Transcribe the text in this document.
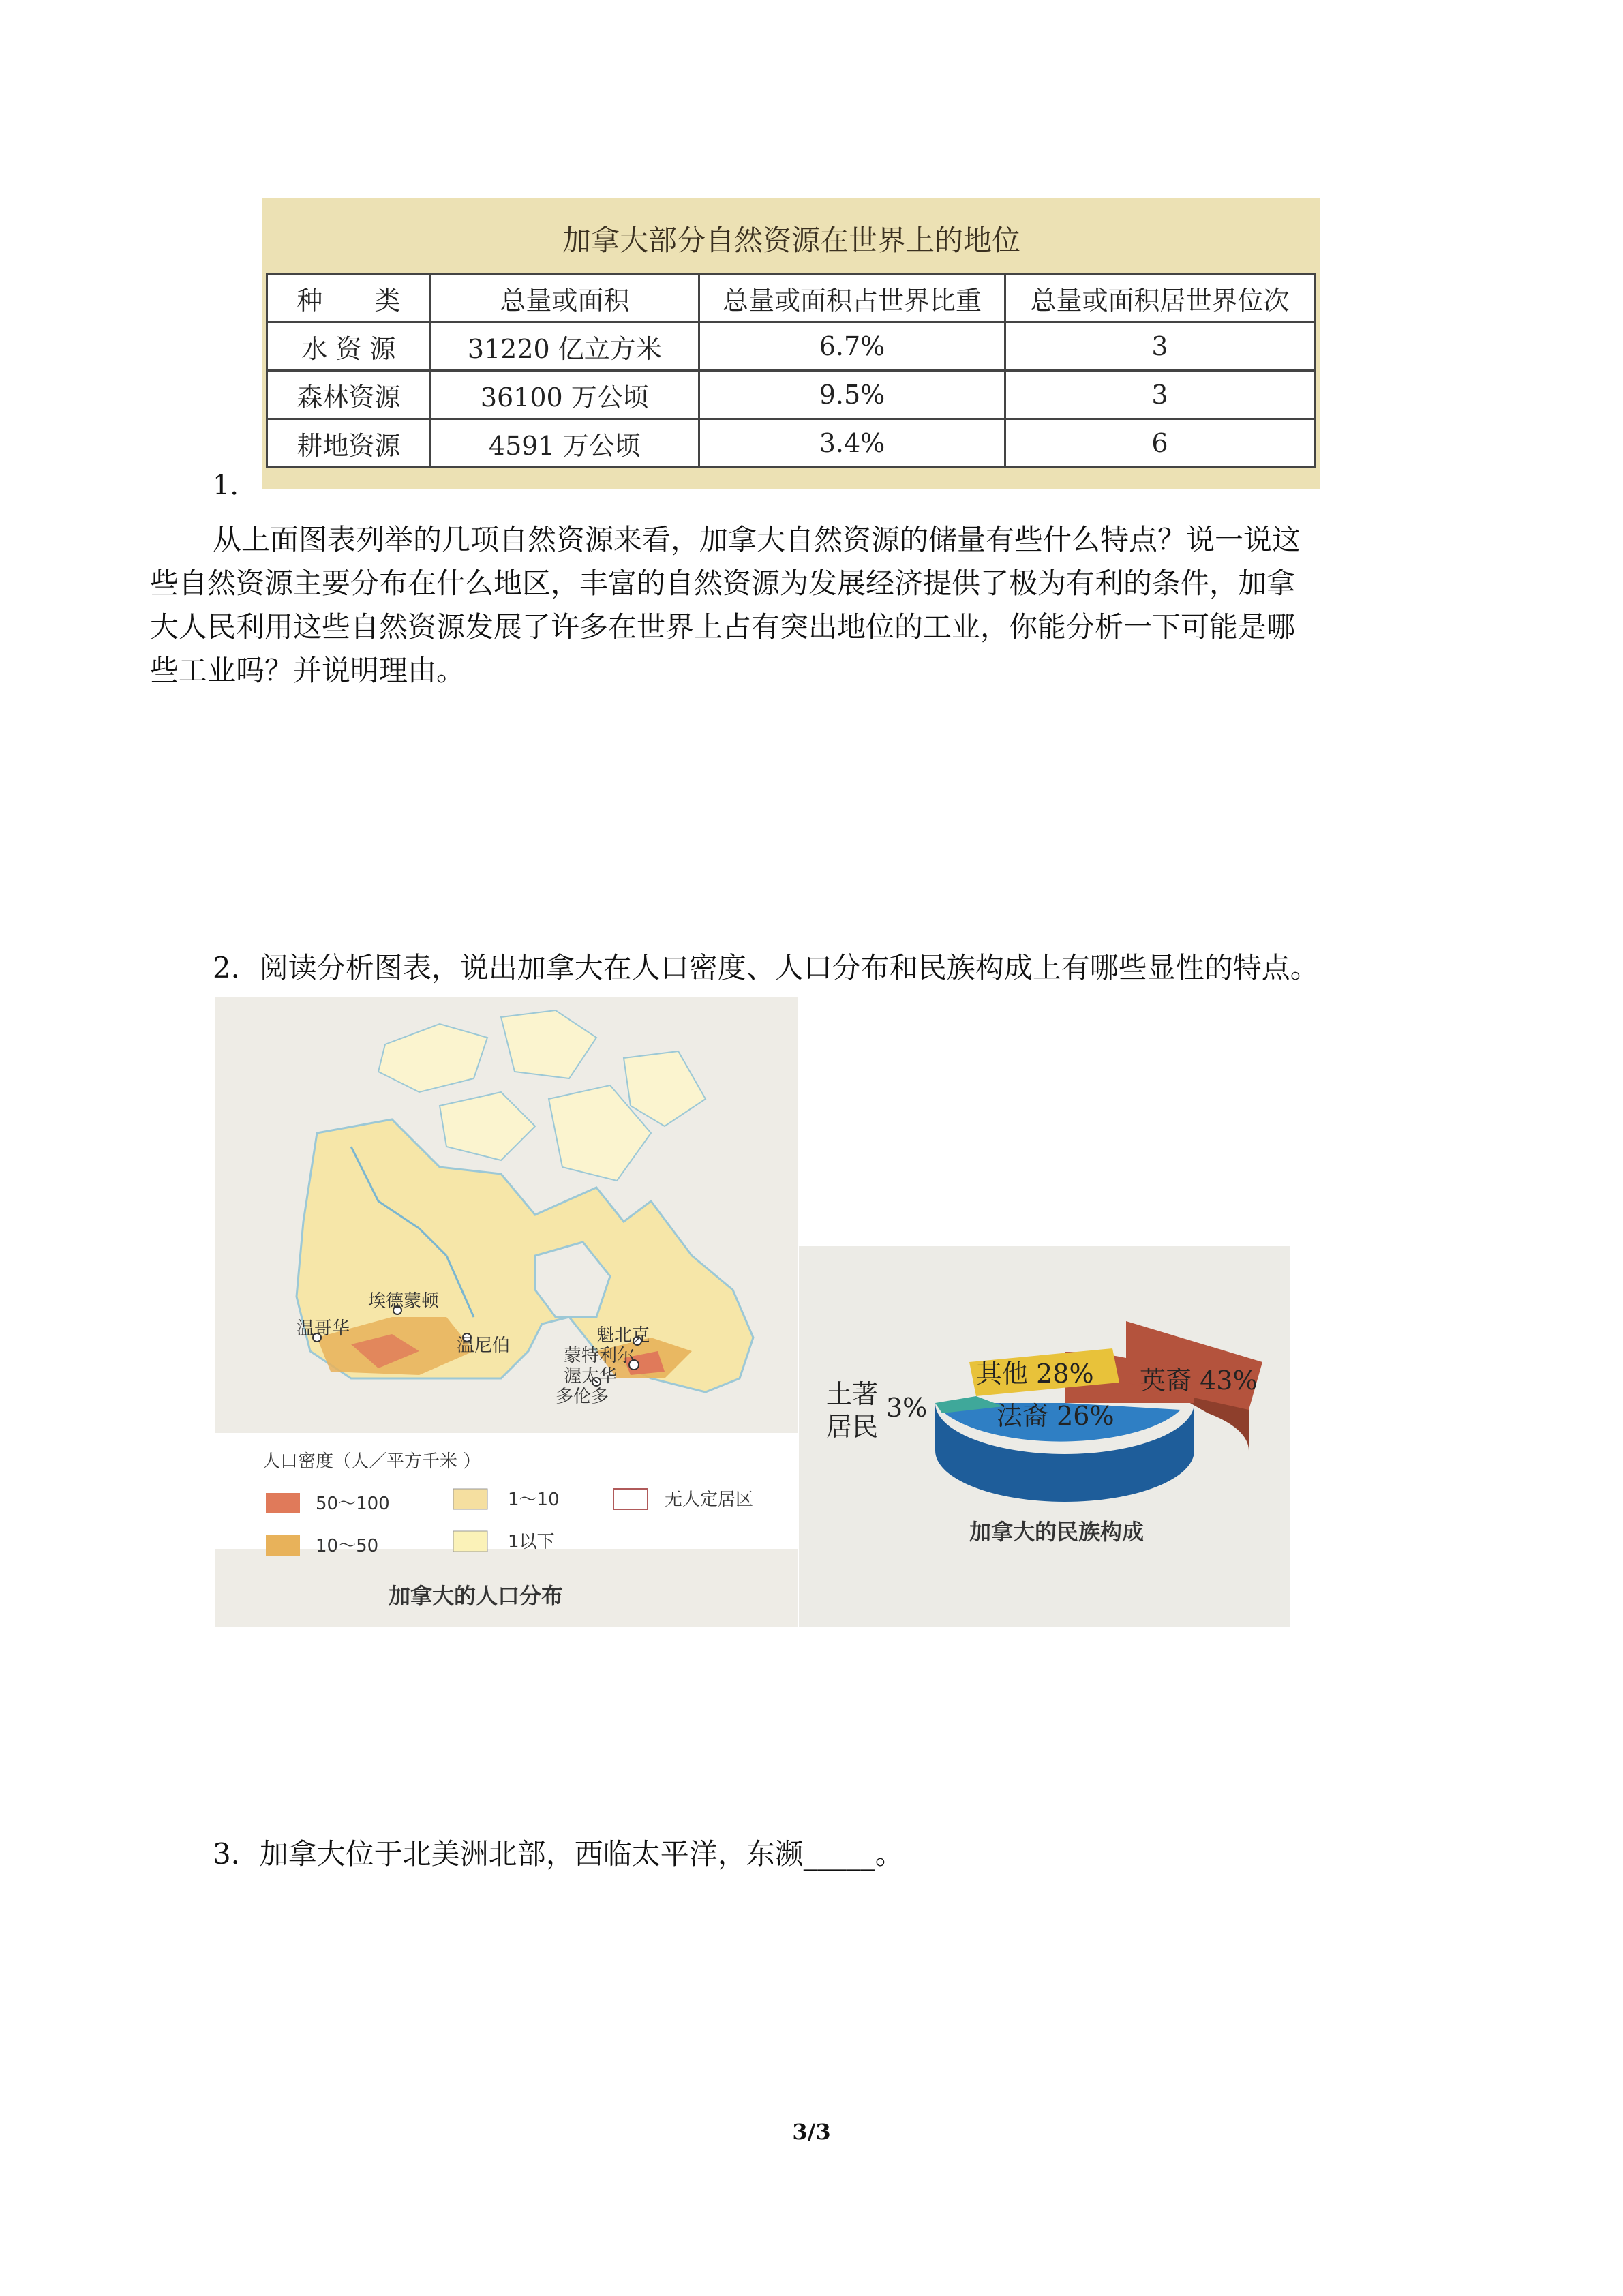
加拿大部分自然资源在世界上的地位
种　　类	总量或面积	总量或面积占世界比重	总量或面积居世界位次
水 资 源	31220 亿立方米	6.7%	3
森林资源	36100 万公顷	9.5%	3
耕地资源	4591 万公顷	3.4%	6
1．
从上面图表列举的几项自然资源来看，加拿大自然资源的储量有些什么特点？说一说这
些自然资源主要分布在什么地区，丰富的自然资源为发展经济提供了极为有利的条件，加拿
大人民利用这些自然资源发展了许多在世界上占有突出地位的工业，你能分析一下可能是哪
些工业吗？并说明理由。
2．阅读分析图表，说出加拿大在人口密度、人口分布和民族构成上有哪些显性的特点。
埃德蒙顿
温哥华
温尼伯	魁北克
蒙特利尔
渥太华
多伦多
人口密度（人／平方千米 ）
50～100	1～10	无人定居区
10～50	1以下
加拿大的人口分布
其他 28% 英裔 43%
法裔 26%
土著
居民
3%
加拿大的民族构成
3．加拿大位于北美洲北部，西临太平洋，东濒_____。
3/3
